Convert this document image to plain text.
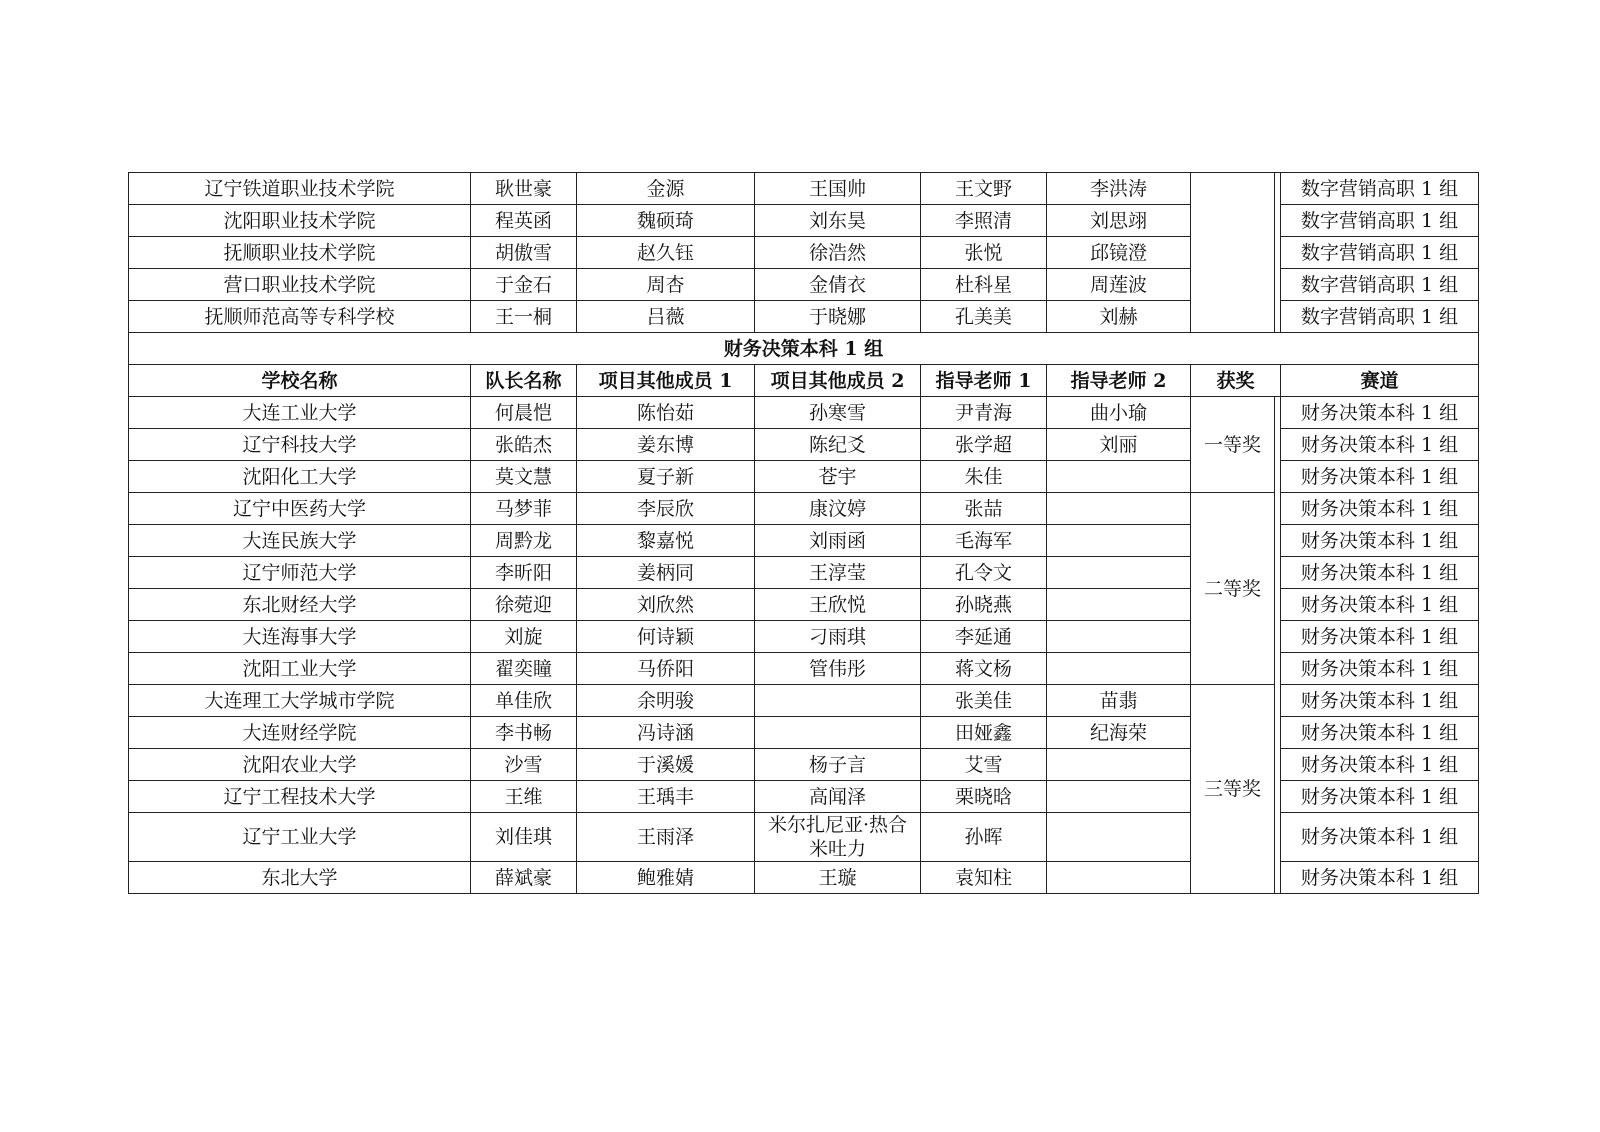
辽宁铁道职业技术学院	耿世豪	金源	王国帅	王文野	李洪涛			数字营销高职 1 组
沈阳职业技术学院	程英函	魏硕琦	刘东昊	李照清	刘思翊			数字营销高职 1 组
抚顺职业技术学院	胡傲雪	赵久钰	徐浩然	张悦	邱镜澄			数字营销高职 1 组
营口职业技术学院	于金石	周杏	金倩衣	杜科星	周莲波			数字营销高职 1 组
抚顺师范高等专科学校	王一桐	吕薇	于晓娜	孔美美	刘赫			数字营销高职 1 组
财务决策本科 1 组								
学校名称	队长名称	项目其他成员 1	项目其他成员 2	指导老师 1	指导老师 2	获奖		赛道
大连工业大学	何晨恺	陈怡茹	孙寒雪	尹青海	曲小瑜	一等奖		财务决策本科 1 组
辽宁科技大学	张皓杰	姜东博	陈纪爻	张学超	刘丽			财务决策本科 1 组
沈阳化工大学	莫文慧	夏子新	苍宇	朱佳				财务决策本科 1 组
辽宁中医药大学	马梦菲	李辰欣	康汶婷	张喆		二等奖		财务决策本科 1 组
大连民族大学	周黔龙	黎嘉悦	刘雨函	毛海军				财务决策本科 1 组
辽宁师范大学	李昕阳	姜柄同	王淳莹	孔令文				财务决策本科 1 组
东北财经大学	徐菀迎	刘欣然	王欣悦	孙晓燕				财务决策本科 1 组
大连海事大学	刘旋	何诗颖	刁雨琪	李延通				财务决策本科 1 组
沈阳工业大学	翟奕瞳	马侨阳	管伟彤	蒋文杨				财务决策本科 1 组
大连理工大学城市学院	单佳欣	余明骏		张美佳	苗翡	三等奖		财务决策本科 1 组
大连财经学院	李书畅	冯诗涵		田娅鑫	纪海荣			财务决策本科 1 组
沈阳农业大学	沙雪	于溪媛	杨子言	艾雪				财务决策本科 1 组
辽宁工程技术大学	王维	王瑀丰	高闻泽	栗晓晗				财务决策本科 1 组
辽宁工业大学	刘佳琪	王雨泽	米尔扎尼亚·热合米吐力	孙晖				财务决策本科 1 组
东北大学	薛斌豪	鲍雅婧	王璇	袁知柱				财务决策本科 1 组
